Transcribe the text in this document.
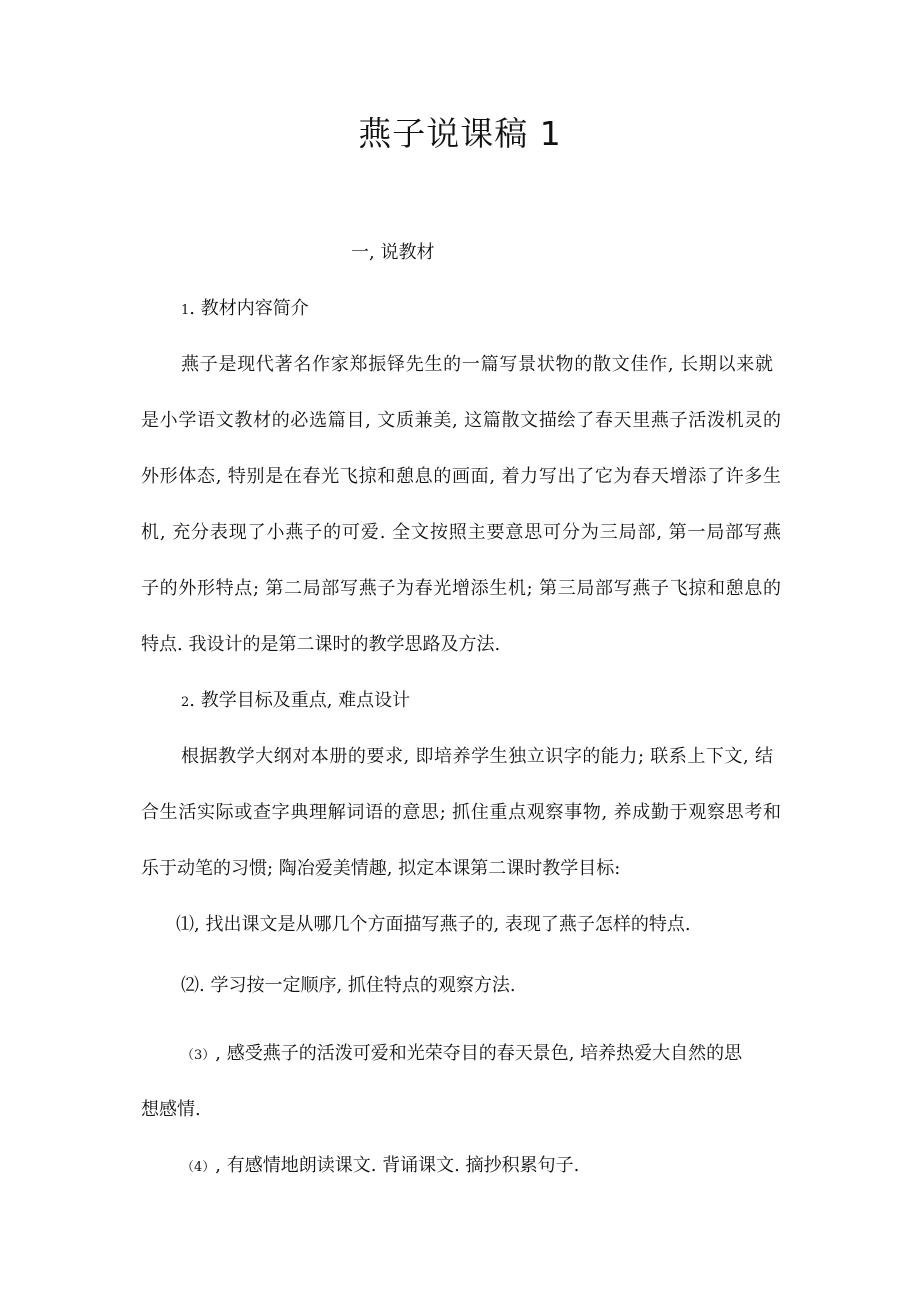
燕子说课稿 1
一, 说教材
1. 教材内容简介
燕子是现代著名作家郑振铎先生的一篇写景状物的散文佳作, 长期以来就
是小学语文教材的必选篇目, 文质兼美, 这篇散文描绘了春天里燕子活泼机灵的
外形体态, 特别是在春光飞掠和憩息的画面, 着力写出了它为春天增添了许多生
机, 充分表现了小燕子的可爱. 全文按照主要意思可分为三局部, 第一局部写燕
子的外形特点; 第二局部写燕子为春光增添生机; 第三局部写燕子飞掠和憩息的
特点. 我设计的是第二课时的教学思路及方法.
2. 教学目标及重点, 难点设计
根据教学大纲对本册的要求, 即培养学生独立识字的能力; 联系上下文, 结
合生活实际或查字典理解词语的意思; 抓住重点观察事物, 养成勤于观察思考和
乐于动笔的习惯; 陶冶爱美情趣, 拟定本课第二课时教学目标:
⑴, 找出课文是从哪几个方面描写燕子的, 表现了燕子怎样的特点.
⑵. 学习按一定顺序, 抓住特点的观察方法.
（3）, 感受燕子的活泼可爱和光荣夺目的春天景色, 培养热爱大自然的思
想感情.
（4）, 有感情地朗读课文. 背诵课文. 摘抄积累句子.
